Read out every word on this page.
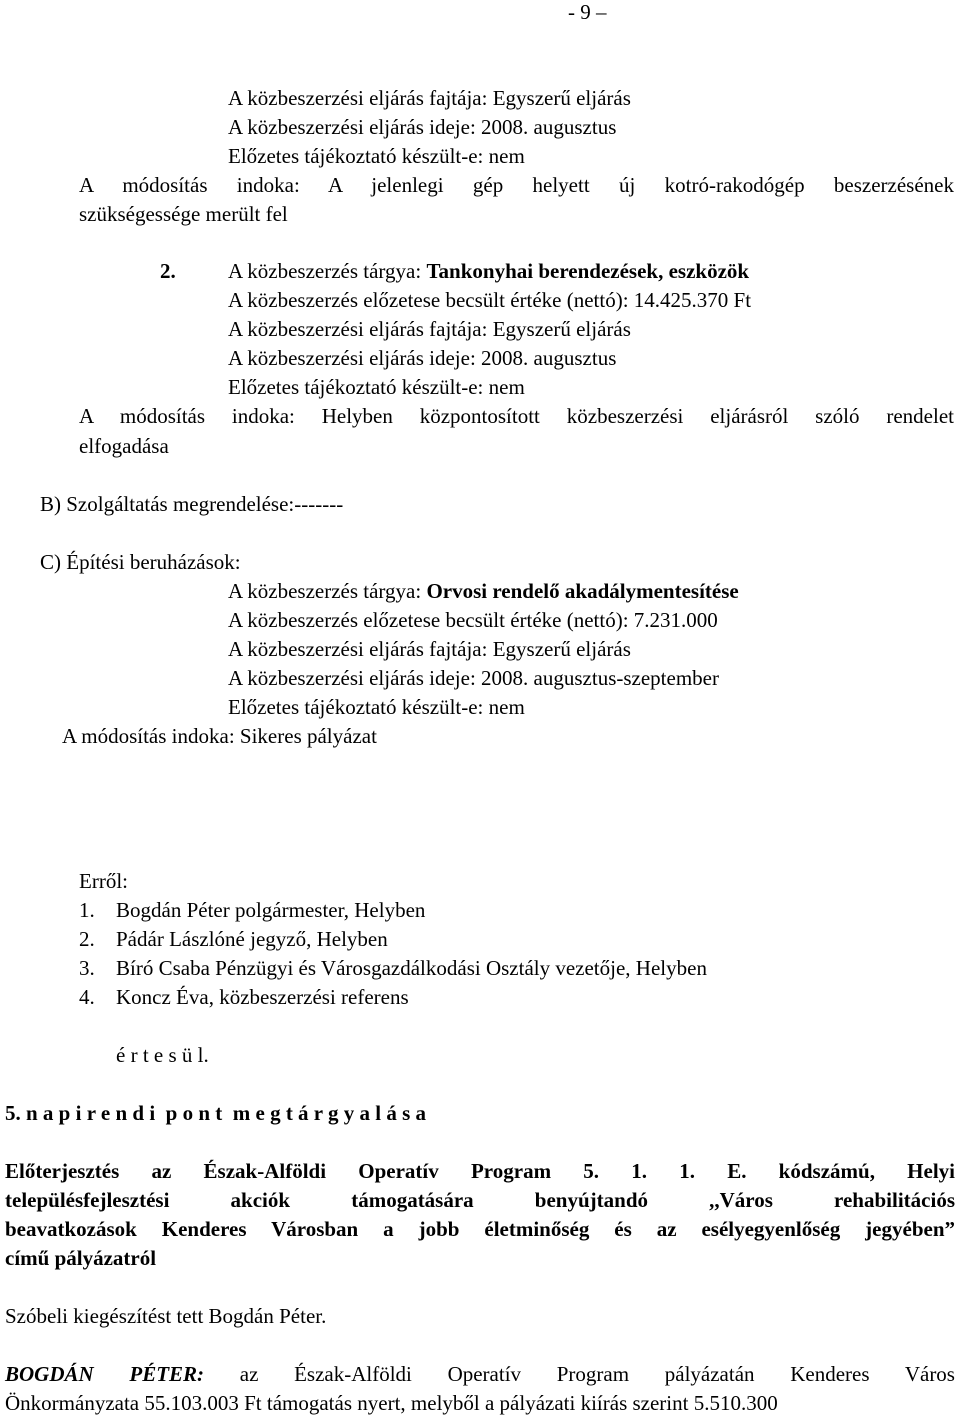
- 9 –
A közbeszerzési eljárás fajtája: Egyszerű eljárás
A közbeszerzési eljárás ideje: 2008. augusztus
Előzetes tájékoztató készült-e: nem
A módosítás indoka: A jelenlegi gép helyett új kotró-rakodógép beszerzésének
szükségessége merült fel
2. A közbeszerzés tárgya: Tankonyhai berendezések, eszközök
A közbeszerzés előzetese becsült értéke (nettó): 14.425.370 Ft
A közbeszerzési eljárás fajtája: Egyszerű eljárás
A közbeszerzési eljárás ideje: 2008. augusztus
Előzetes tájékoztató készült-e: nem
A módosítás indoka: Helyben központosított közbeszerzési eljárásról szóló rendelet
elfogadása
B) Szolgáltatás megrendelése:-------
C) Építési beruházások:
A közbeszerzés tárgya: Orvosi rendelő akadálymentesítése
A közbeszerzés előzetese becsült értéke (nettó): 7.231.000
A közbeszerzési eljárás fajtája: Egyszerű eljárás
A közbeszerzési eljárás ideje: 2008. augusztus-szeptember
Előzetes tájékoztató készült-e: nem
A módosítás indoka: Sikeres pályázat
Erről:
1. Bogdán Péter polgármester, Helyben
2. Pádár Lászlóné jegyző, Helyben
3. Bíró Csaba Pénzügyi és Városgazdálkodási Osztály vezetője, Helyben
4. Koncz Éva, közbeszerzési referens
é r t e s ü l.
5. n a p i r e n d i  p o n t  m e g t á r g y a l á s a
Előterjesztés az Észak-Alföldi Operatív Program 5. 1. 1. E. kódszámú, Helyi
településfejlesztési akciók támogatására benyújtandó ,,Város rehabilitációs
beavatkozások Kenderes Városban a jobb életminőség és az esélyegyenlőség jegyében”
című pályázatról
Szóbeli kiegészítést tett Bogdán Péter.
BOGDÁN PÉTER: az Észak-Alföldi Operatív Program pályázatán Kenderes Város
Önkormányzata 55.103.003 Ft támogatás nyert, melyből a pályázati kiírás szerint 5.510.300
